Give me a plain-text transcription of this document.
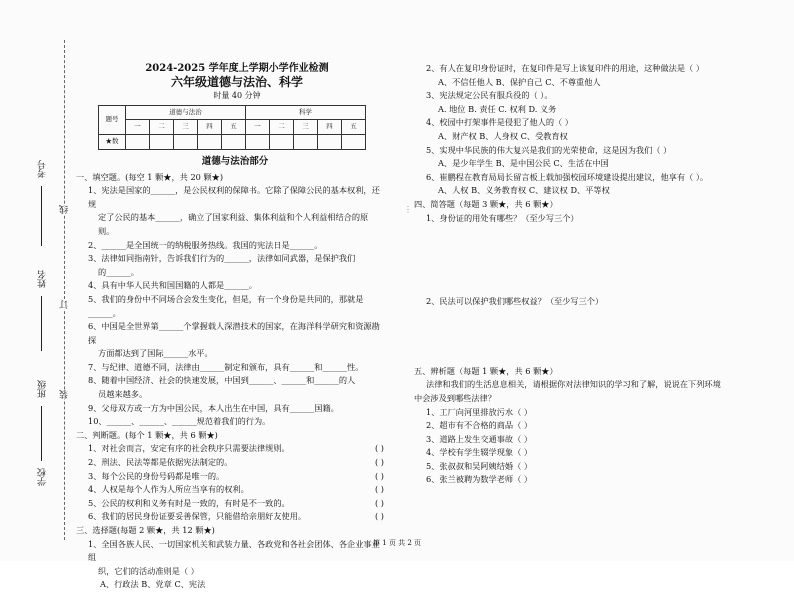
考号
姓名
班级
学校
线
订
装
2024-2025 学年度上学期小学作业检测
六年级道德与法治、科学
时量 40 分钟
题号	道德与法治					科学				
	一	二	三	四	五	一	二	三	四	五
★数										
道德与法治部分
一、填空题。(每空 1 颗★，共 20 颗★)
1、宪法是国家的______，是公民权利的保障书。它除了保障公民的基本权利，还规
定了公民的基本______，确立了国家利益、集体利益和个人利益相结合的原则。
2、______是全国统一的纳税服务热线。我国的宪法日是______。
3、法律如同指南针，告诉我们行为的______，法律如同武器，是保护我们
的______。
4、具有中华人民共和国国籍的人都是______。
5、我们的身份中不同场合会发生变化，但是，有一个身份是共同的，那就是______。
6、中国是全世界第______个掌握载人深潜技术的国家，在海洋科学研究和资源勘探
方面都达到了国际______水平。
7、与纪律、道德不同，法律由______制定和颁布，具有______和______性。
8、随着中国经济、社会的快速发展，中国到______、______和______的人
员越来越多。
9、父母双方或一方为中国公民，本人出生在中国，具有______国籍。
10、______、______、______规范着我们的行为。
二、判断题。(每个 1 颗★，共 6 颗★)
1、对社会而言，安定有序的社会秩序只需要法律规则。	( )
2、刑法、民法等都是依据宪法制定的。	( )
3、每个公民的身份号码都是唯一的。	( )
4、人权是每个人作为人所应当享有的权利。	( )
5、公民的权利和义务有时是一致的，有时是不一致的。	( )
6、我们的居民身份证要妥善保管，只能借给亲朋好友使用。	( )
三、选择题(每题 2 颗★，共 12 颗★)
1、全国各族人民、一切国家机关和武装力量、各政党和各社会团体、各企业事业组
织，它们的活动准则是（ ）
A、行政法 B、党章 C、宪法
⋮
2、有人在复印身份证时，在复印件是写上该复印件的用途，这种做法是（ ）
A、不信任他人 B、保护自己 C、不尊重他人
3、宪法规定公民有服兵役的（ ）。
A. 地位 B. 责任 C. 权利 D. 义务
4、校园中打架事件是侵犯了他人的（ ）
A、财产权 B、人身权 C、受教育权
5、实现中华民族的伟大复兴是我们的光荣使命，这是因为我们（ ）
A、是少年学生 B、是中国公民 C、生活在中国
6、崔鹏程在教育局局长留言板上载加强校园环境建设提出建议，他享有（ ）。
A、人权 B、义务教育权 C、建议权 D、平等权
四、简答题（每题 3 颗★，共 6 颗★）
1、身份证的用处有哪些？（至少写三个）
2、民法可以保护我们哪些权益？（至少写三个）
五、辨析题（每题 1 颗★，共 6 颗★）
法律和我们的生活息息相关，请根据你对法律知识的学习和了解，说说在下列环境
中会涉及到哪些法律？
1、工厂向河里排放污水（ ）
2、超市有不合格的商品（ ）
3、道路上发生交通事故（ ）
4、学校有学生辍学现象（ ）
5、张叔叔和吴阿姨结婚（ ）
6、张兰被聘为数学老师（ ）
第 1 页 共 2 页
